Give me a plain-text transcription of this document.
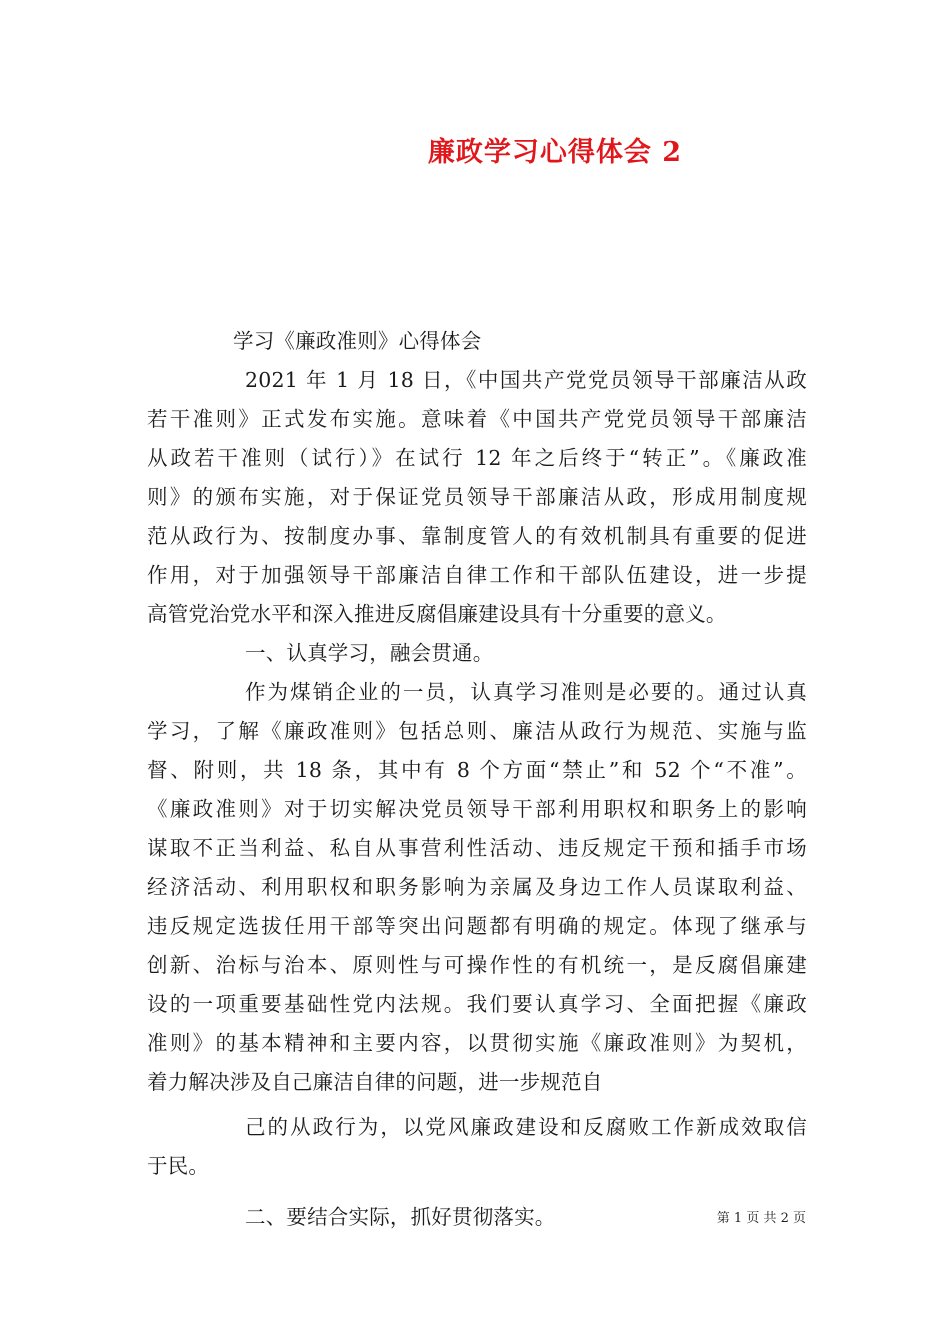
廉政学习心得体会 2
学习《廉政准则》心得体会
2021 年 1 月 18 日，《中国共产党党员领导干部廉洁从政
若干准则》正式发布实施。意味着《中国共产党党员领导干部廉洁
从政若干准则（试行）》在试行 12 年之后终于“转正”。《廉政准
则》的颁布实施，对于保证党员领导干部廉洁从政，形成用制度规
范从政行为、按制度办事、靠制度管人的有效机制具有重要的促进
作用，对于加强领导干部廉洁自律工作和干部队伍建设，进一步提
高管党治党水平和深入推进反腐倡廉建设具有十分重要的意义。
一、认真学习，融会贯通。
作为煤销企业的一员，认真学习准则是必要的。通过认真
学习，了解《廉政准则》包括总则、廉洁从政行为规范、实施与监
督、附则，共 18 条，其中有 8 个方面“禁止”和 52 个“不准”。
《廉政准则》对于切实解决党员领导干部利用职权和职务上的影响
谋取不正当利益、私自从事营利性活动、违反规定干预和插手市场
经济活动、利用职权和职务影响为亲属及身边工作人员谋取利益、
违反规定选拔任用干部等突出问题都有明确的规定。体现了继承与
创新、治标与治本、原则性与可操作性的有机统一，是反腐倡廉建
设的一项重要基础性党内法规。我们要认真学习、全面把握《廉政
准则》的基本精神和主要内容，以贯彻实施《廉政准则》为契机，
着力解决涉及自己廉洁自律的问题，进一步规范自
己的从政行为，以党风廉政建设和反腐败工作新成效取信
于民。
二、要结合实际，抓好贯彻落实。	第 1 页 共 2 页
